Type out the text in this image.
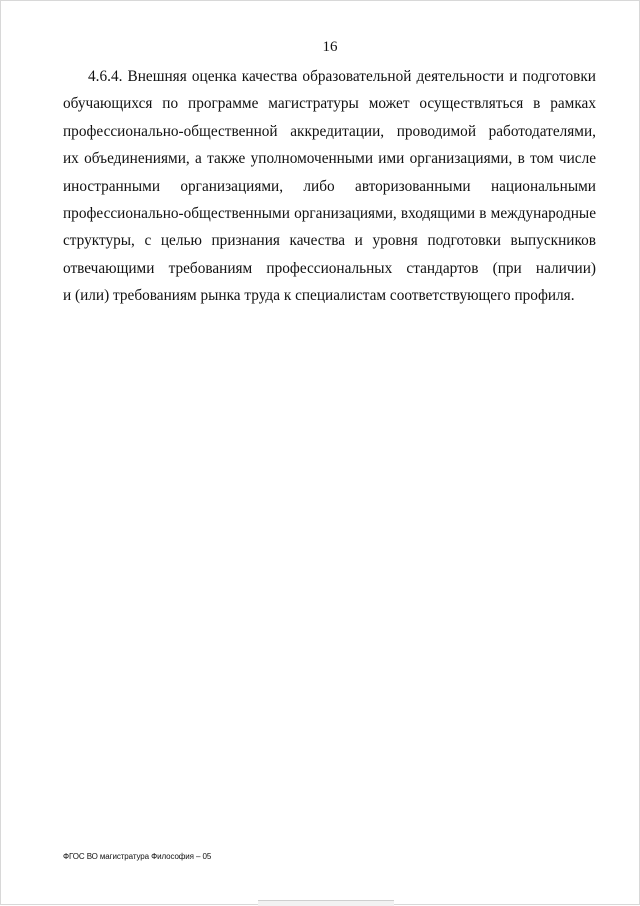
16
4.6.4. Внешняя оценка качества образовательной деятельности и подготовки
обучающихся по программе магистратуры может осуществляться в рамках
профессионально-общественной аккредитации, проводимой работодателями,
их объединениями, а также уполномоченными ими организациями, в том числе
иностранными организациями, либо авторизованными национальными
профессионально-общественными организациями, входящими в международные
структуры, с целью признания качества и уровня подготовки выпускников
отвечающими требованиям профессиональных стандартов (при наличии)
и (или) требованиям рынка труда к специалистам соответствующего профиля.
ФГОС ВО магистратура Философия – 05
